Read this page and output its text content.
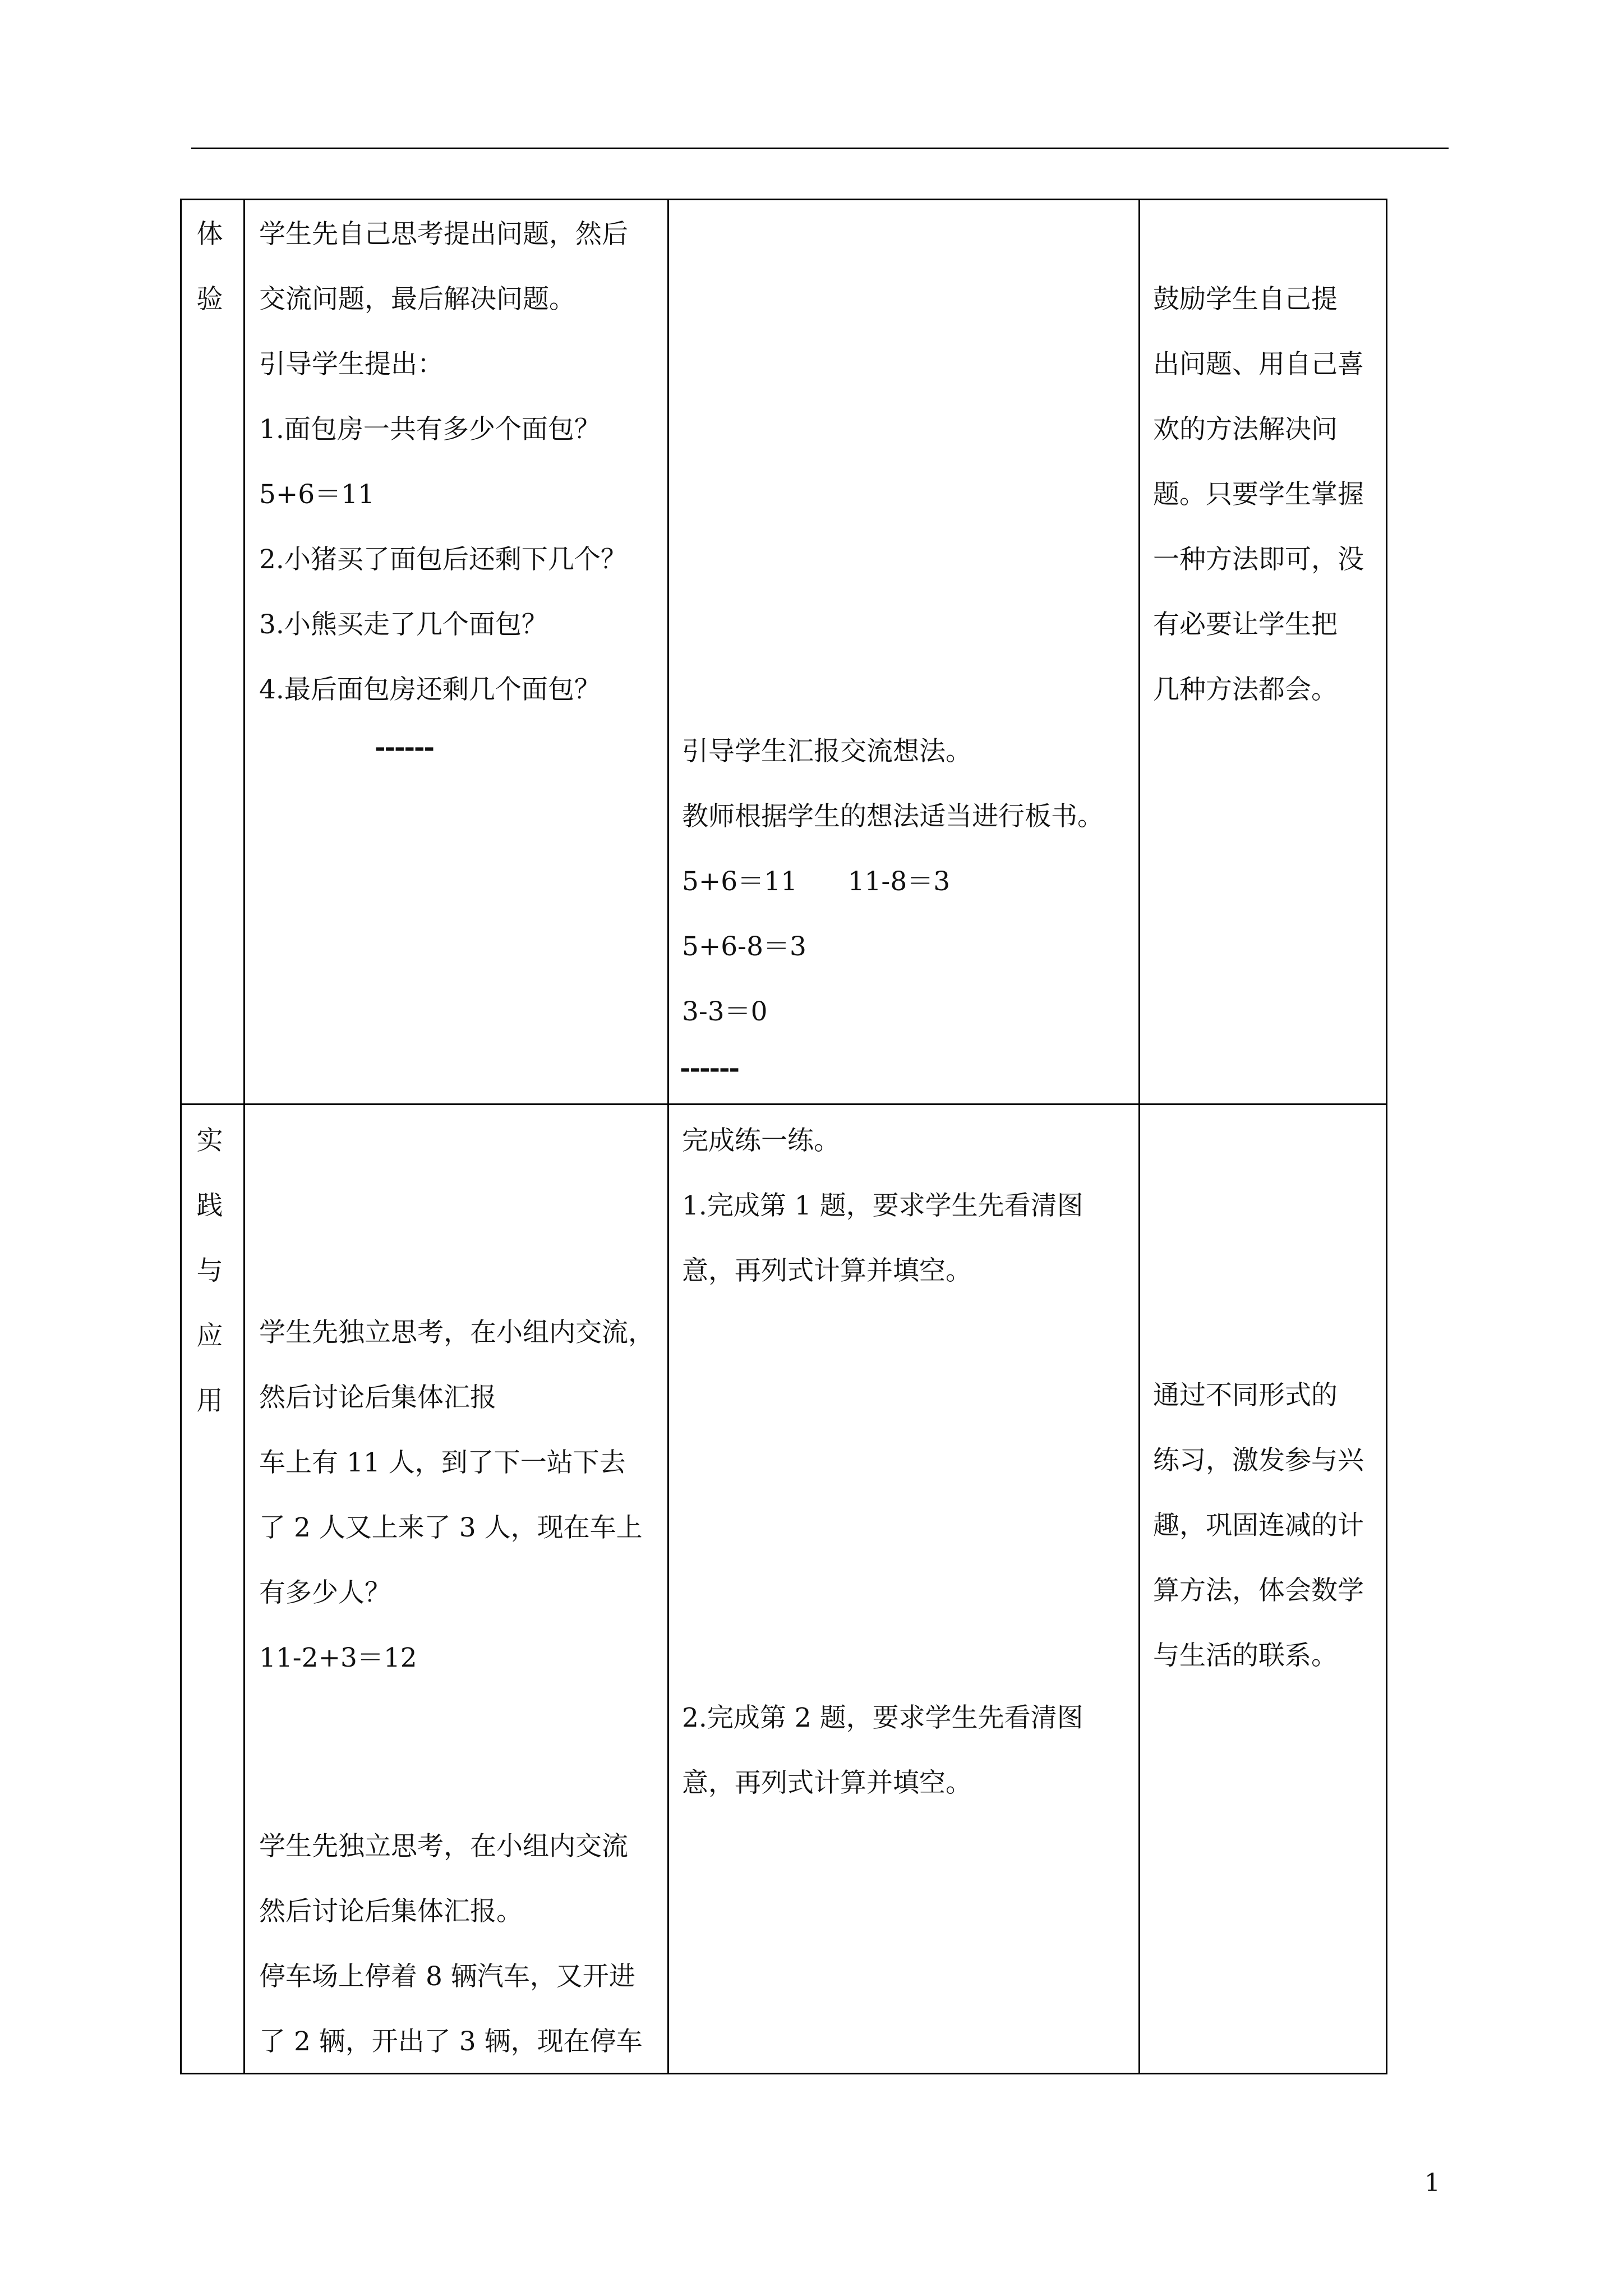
体
验
学生先自己思考提出问题，然后
交流问题，最后解决问题。
引导学生提出：
1.面包房一共有多少个面包？
5+6＝11
2.小猪买了面包后还剩下几个？
3.小熊买走了几个面包？
4.最后面包房还剩几个面包？
------	引导学生汇报交流想法。
教师根据学生的想法适当进行板书。
5+6＝11      11-8＝3
5+6-8＝3
3-3＝0
------
鼓励学生自己提
出问题、用自己喜
欢的方法解决问
题。只要学生掌握
一种方法即可，没
有必要让学生把
几种方法都会。
实
践
与
应
用
学生先独立思考，在小组内交流，
然后讨论后集体汇报
车上有 11 人，到了下一站下去
了 2 人又上来了 3 人，现在车上
有多少人？
11-2+3＝12
学生先独立思考，在小组内交流
然后讨论后集体汇报。
停车场上停着 8 辆汽车，又开进
了 2 辆，开出了 3 辆，现在停车
完成练一练。
1.完成第 1 题，要求学生先看清图
意，再列式计算并填空。
2.完成第 2 题，要求学生先看清图
意，再列式计算并填空。
通过不同形式的
练习，激发参与兴
趣，巩固连减的计
算方法，体会数学
与生活的联系。
1
